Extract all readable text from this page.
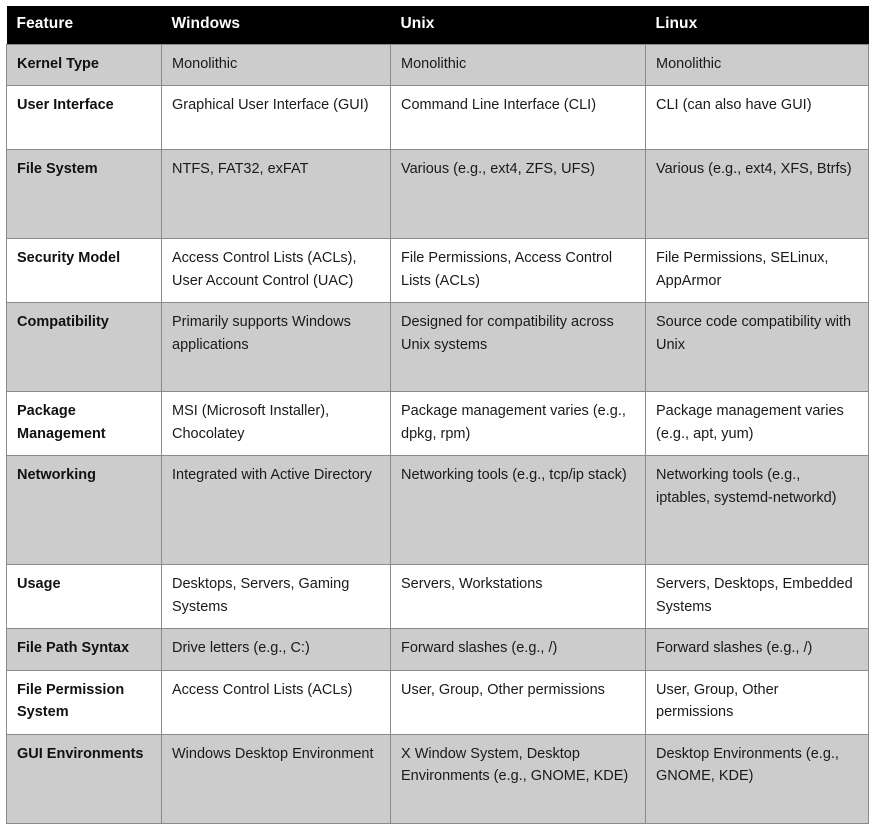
Feature	Windows	Unix	Linux
Kernel Type	Monolithic	Monolithic	Monolithic
User Interface	Graphical User Interface (GUI)	Command Line Interface (CLI)	CLI (can also have GUI)
File System	NTFS, FAT32, exFAT	Various (e.g., ext4, ZFS, UFS)	Various (e.g., ext4, XFS, Btrfs)
Security Model	Access Control Lists (ACLs), User Account Control (UAC)	File Permissions, Access Control Lists (ACLs)	File Permissions, SELinux, AppArmor
Compatibility	Primarily supports Windows applications	Designed for compatibility across Unix systems	Source code compatibility with Unix
Package Management	MSI (Microsoft Installer), Chocolatey	Package management varies (e.g., dpkg, rpm)	Package management varies (e.g., apt, yum)
Networking	Integrated with Active Directory	Networking tools (e.g., tcp/ip stack)	Networking tools (e.g., iptables, systemd-networkd)
Usage	Desktops, Servers, Gaming Systems	Servers, Workstations	Servers, Desktops, Embedded Systems
File Path Syntax	Drive letters (e.g., C:)	Forward slashes (e.g., /)	Forward slashes (e.g., /)
File Permission System	Access Control Lists (ACLs)	User, Group, Other permissions	User, Group, Other permissions
GUI Environments	Windows Desktop Environment	X Window System, Desktop Environments (e.g., GNOME, KDE)	Desktop Environments (e.g., GNOME, KDE)
